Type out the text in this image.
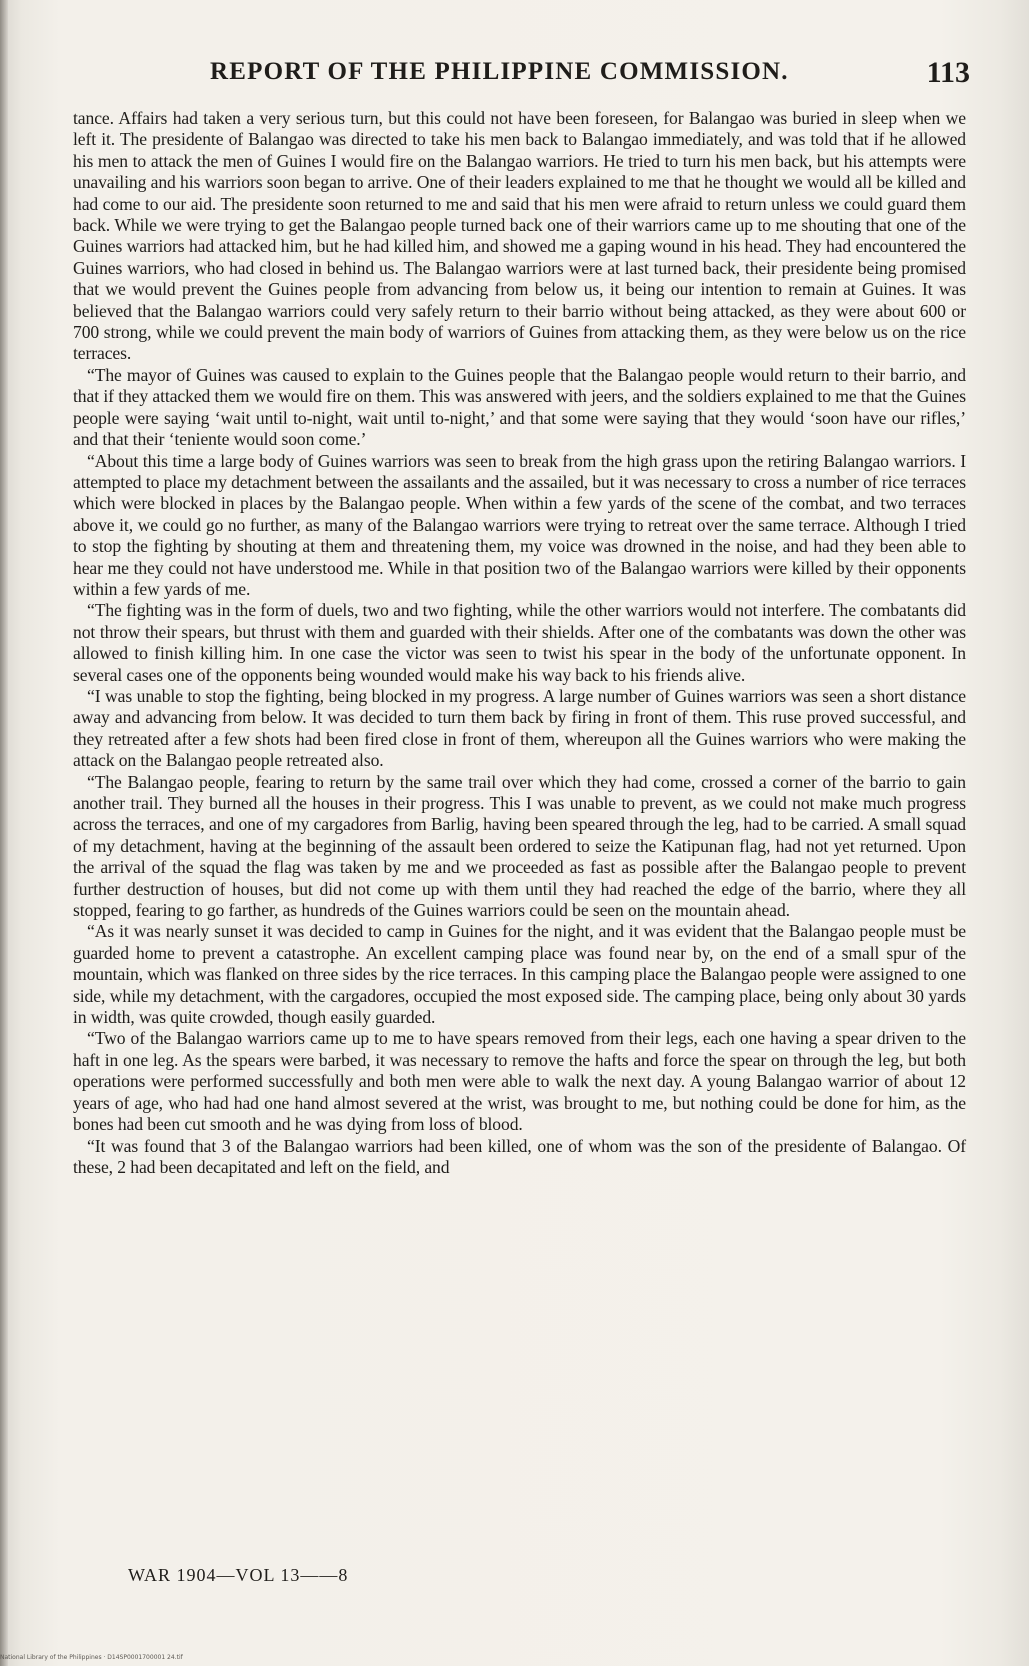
REPORT OF THE PHILIPPINE COMMISSION.	113

tance. Affairs had taken a very serious turn, but this could not have been foreseen, for Balangao was buried in sleep when we left it. The presidente of Balangao was directed to take his men back to Balangao immediately, and was told that if he allowed his men to attack the men of Guines I would fire on the Balangao warriors. He tried to turn his men back, but his attempts were unavailing and his warriors soon began to arrive. One of their leaders explained to me that he thought we would all be killed and had come to our aid. The presidente soon returned to me and said that his men were afraid to return unless we could guard them back. While we were trying to get the Balangao people turned back one of their warriors came up to me shouting that one of the Guines warriors had attacked him, but he had killed him, and showed me a gaping wound in his head. They had encountered the Guines warriors, who had closed in behind us. The Balangao warriors were at last turned back, their presidente being promised that we would prevent the Guines people from advancing from below us, it being our intention to remain at Guines. It was believed that the Balangao warriors could very safely return to their barrio without being attacked, as they were about 600 or 700 strong, while we could prevent the main body of warriors of Guines from attacking them, as they were below us on the rice terraces.

“The mayor of Guines was caused to explain to the Guines people that the Balangao people would return to their barrio, and that if they attacked them we would fire on them. This was answered with jeers, and the soldiers explained to me that the Guines people were saying ‘wait until to-night, wait until to-night,’ and that some were saying that they would ‘soon have our rifles,’ and that their ‘teniente would soon come.’

“About this time a large body of Guines warriors was seen to break from the high grass upon the retiring Balangao warriors. I attempted to place my detachment between the assailants and the assailed, but it was necessary to cross a number of rice terraces which were blocked in places by the Balangao people. When within a few yards of the scene of the combat, and two terraces above it, we could go no further, as many of the Balangao warriors were trying to retreat over the same terrace. Although I tried to stop the fighting by shouting at them and threatening them, my voice was drowned in the noise, and had they been able to hear me they could not have understood me. While in that position two of the Balangao warriors were killed by their opponents within a few yards of me.

“The fighting was in the form of duels, two and two fighting, while the other warriors would not interfere. The combatants did not throw their spears, but thrust with them and guarded with their shields. After one of the combatants was down the other was allowed to finish killing him. In one case the victor was seen to twist his spear in the body of the unfortunate opponent. In several cases one of the opponents being wounded would make his way back to his friends alive.

“I was unable to stop the fighting, being blocked in my progress. A large number of Guines warriors was seen a short distance away and advancing from below. It was decided to turn them back by firing in front of them. This ruse proved successful, and they retreated after a few shots had been fired close in front of them, whereupon all the Guines warriors who were making the attack on the Balangao people retreated also.

“The Balangao people, fearing to return by the same trail over which they had come, crossed a corner of the barrio to gain another trail. They burned all the houses in their progress. This I was unable to prevent, as we could not make much progress across the terraces, and one of my cargadores from Barlig, having been speared through the leg, had to be carried. A small squad of my detachment, having at the beginning of the assault been ordered to seize the Katipunan flag, had not yet returned. Upon the arrival of the squad the flag was taken by me and we proceeded as fast as possible after the Balangao people to prevent further destruction of houses, but did not come up with them until they had reached the edge of the barrio, where they all stopped, fearing to go farther, as hundreds of the Guines warriors could be seen on the mountain ahead.

“As it was nearly sunset it was decided to camp in Guines for the night, and it was evident that the Balangao people must be guarded home to prevent a catastrophe. An excellent camping place was found near by, on the end of a small spur of the mountain, which was flanked on three sides by the rice terraces. In this camping place the Balangao people were assigned to one side, while my detachment, with the cargadores, occupied the most exposed side. The camping place, being only about 30 yards in width, was quite crowded, though easily guarded.

“Two of the Balangao warriors came up to me to have spears removed from their legs, each one having a spear driven to the haft in one leg. As the spears were barbed, it was necessary to remove the hafts and force the spear on through the leg, but both operations were performed successfully and both men were able to walk the next day. A young Balangao warrior of about 12 years of age, who had had one hand almost severed at the wrist, was brought to me, but nothing could be done for him, as the bones had been cut smooth and he was dying from loss of blood.

“It was found that 3 of the Balangao warriors had been killed, one of whom was the son of the presidente of Balangao. Of these, 2 had been decapitated and left on the field, and

WAR 1904—VOL 13——8
National Library of the Philippines · D14SP0001700001 24.tif
